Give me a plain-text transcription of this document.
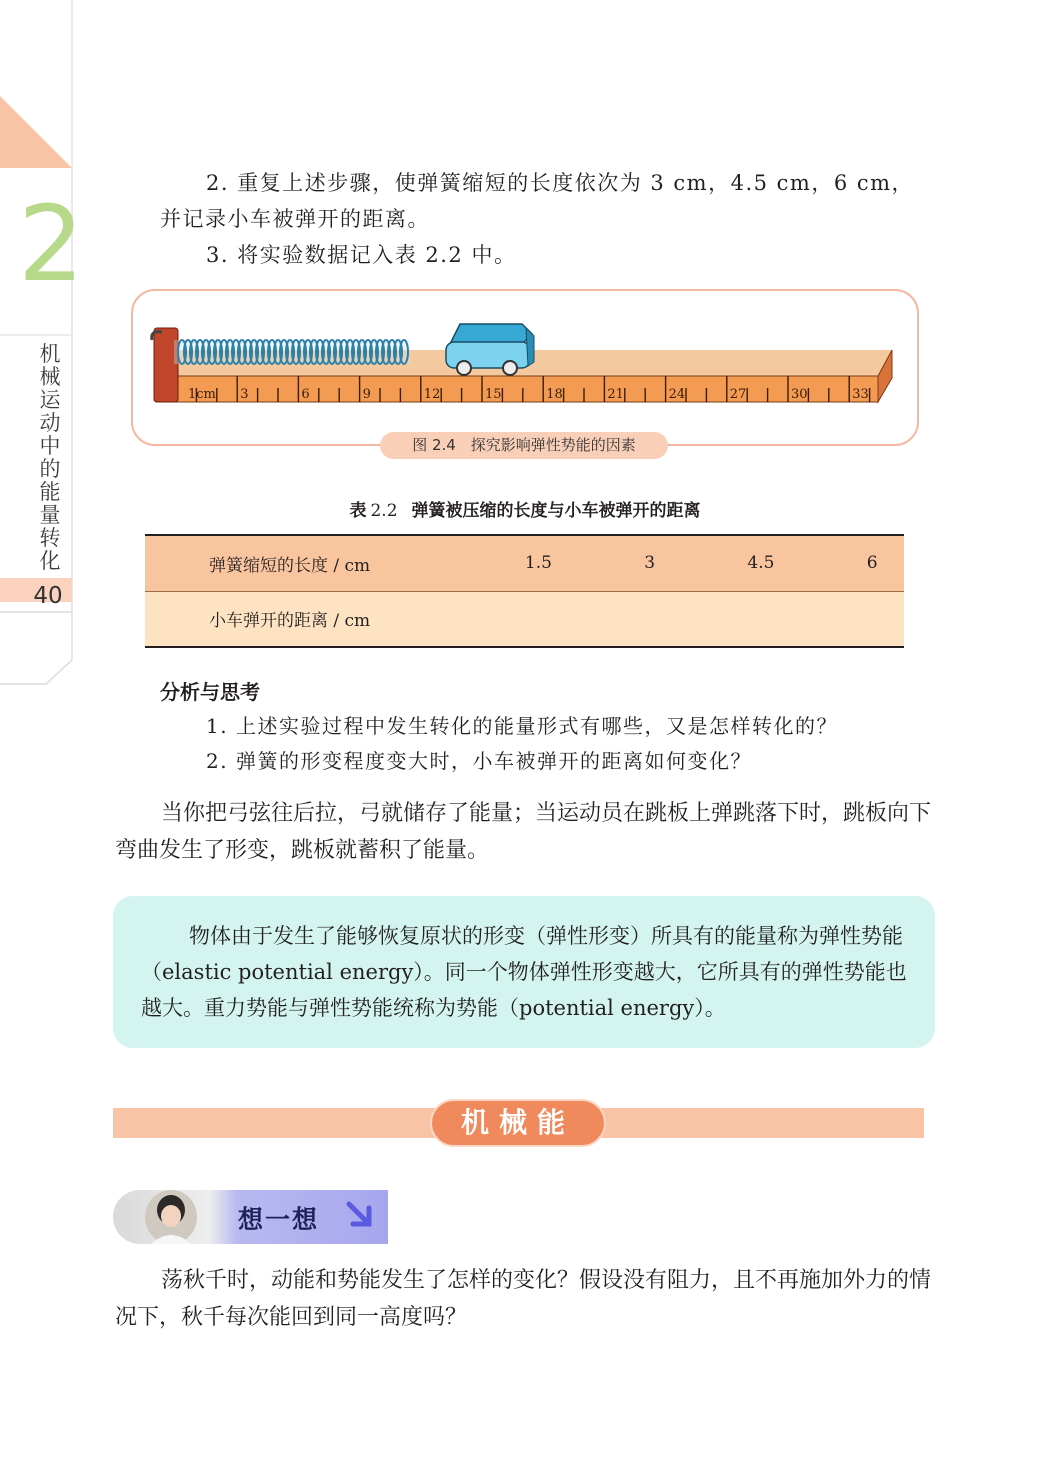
2
机械运动中的能量转化
40

2. 重复上述步骤，使弹簧缩短的长度依次为 3 cm，4.5 cm，6 cm，并记录小车被弹开的距离。

3. 将实验数据记入表 2.2 中。

1cm 3	6	9	12	15	18	21	24	27	30	33
图 2.4　探究影响弹性势能的因素
表 2.2 弹簧被压缩的长度与小车被弹开的距离
弹簧缩短的长度 / cm	1.5	3	4.5	6
小车弹开的距离 / cm				
分析与思考
1. 上述实验过程中发生转化的能量形式有哪些，又是怎样转化的？
2. 弹簧的形变程度变大时，小车被弹开的距离如何变化？

当你把弓弦往后拉，弓就储存了能量；当运动员在跳板上弹跳落下时，跳板向下弯曲发生了形变，跳板就蓄积了能量。

物体由于发生了能够恢复原状的形变（弹性形变）所具有的能量称为弹性势能（elastic potential energy）。同一个物体弹性形变越大，它所具有的弹性势能也越大。重力势能与弹性势能统称为势能（potential energy）。

机械能
想一想

荡秋千时，动能和势能发生了怎样的变化？假设没有阻力，且不再施加外力的情况下，秋千每次能回到同一高度吗？
